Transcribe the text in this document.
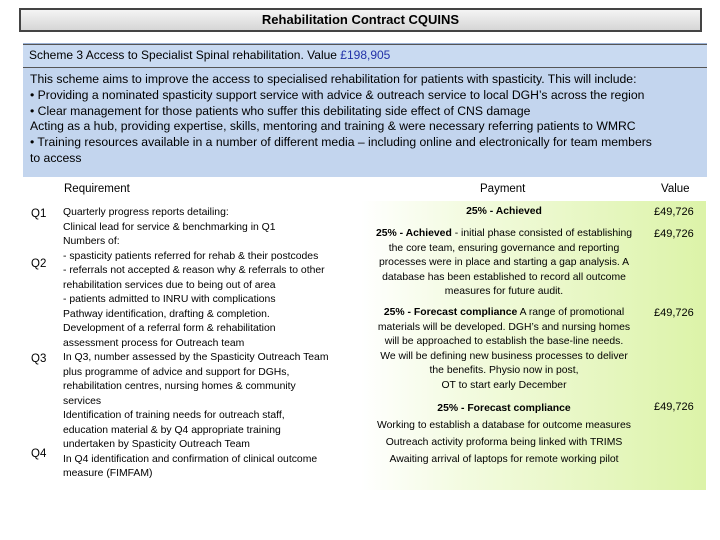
Rehabilitation Contract CQUINS
Scheme 3 Access to Specialist Spinal rehabilitation. Value £198,905
This scheme aims to improve the access to specialised rehabilitation for patients with spasticity. This will include:
• Providing a nominated spasticity support service with advice & outreach service to local DGH’s across the region
• Clear management for those patients who suffer this debilitating side effect of CNS damage
Acting as a hub, providing expertise, skills, mentoring and training & were necessary referring patients to WMRC
• Training resources available in a number of different media – including online and electronically for team members
to access
Requirement	Payment	Value
Q1
Q2
Q3
Q4
Quarterly progress reports detailing:
Clinical lead for service & benchmarking in Q1
Numbers of:
- spasticity patients referred for rehab & their postcodes
- referrals not accepted & reason why & referrals to other
rehabilitation services due to being out of area
- patients admitted to INRU with complications
Pathway identification, drafting & completion.
Development of a referral form & rehabilitation
assessment process for Outreach team
In Q3, number assessed by the Spasticity Outreach Team
plus programme of advice and support for DGHs,
rehabilitation centres, nursing homes & community
services
Identification of training needs for outreach staff,
education material & by Q4 appropriate training
undertaken by Spasticity Outreach Team
In Q4 identification and confirmation of clinical outcome
measure (FIMFAM)
25% - Achieved
25% - Achieved - initial phase consisted of establishing
the core team, ensuring governance and reporting
processes were in place and starting a gap analysis. A
database has been established to record all outcome
measures for future audit.
25% - Forecast compliance A range of promotional
materials will be developed. DGH’s and nursing homes
will be approached to establish the base-line needs.
We will be defining new business processes to deliver
the benefits. Physio now in post,
OT to start early December
25% - Forecast compliance
Working to establish a database for outcome measures
Outreach activity proforma being linked with TRIMS
Awaiting arrival of laptops for remote working pilot
£49,726
£49,726
£49,726
£49,726
